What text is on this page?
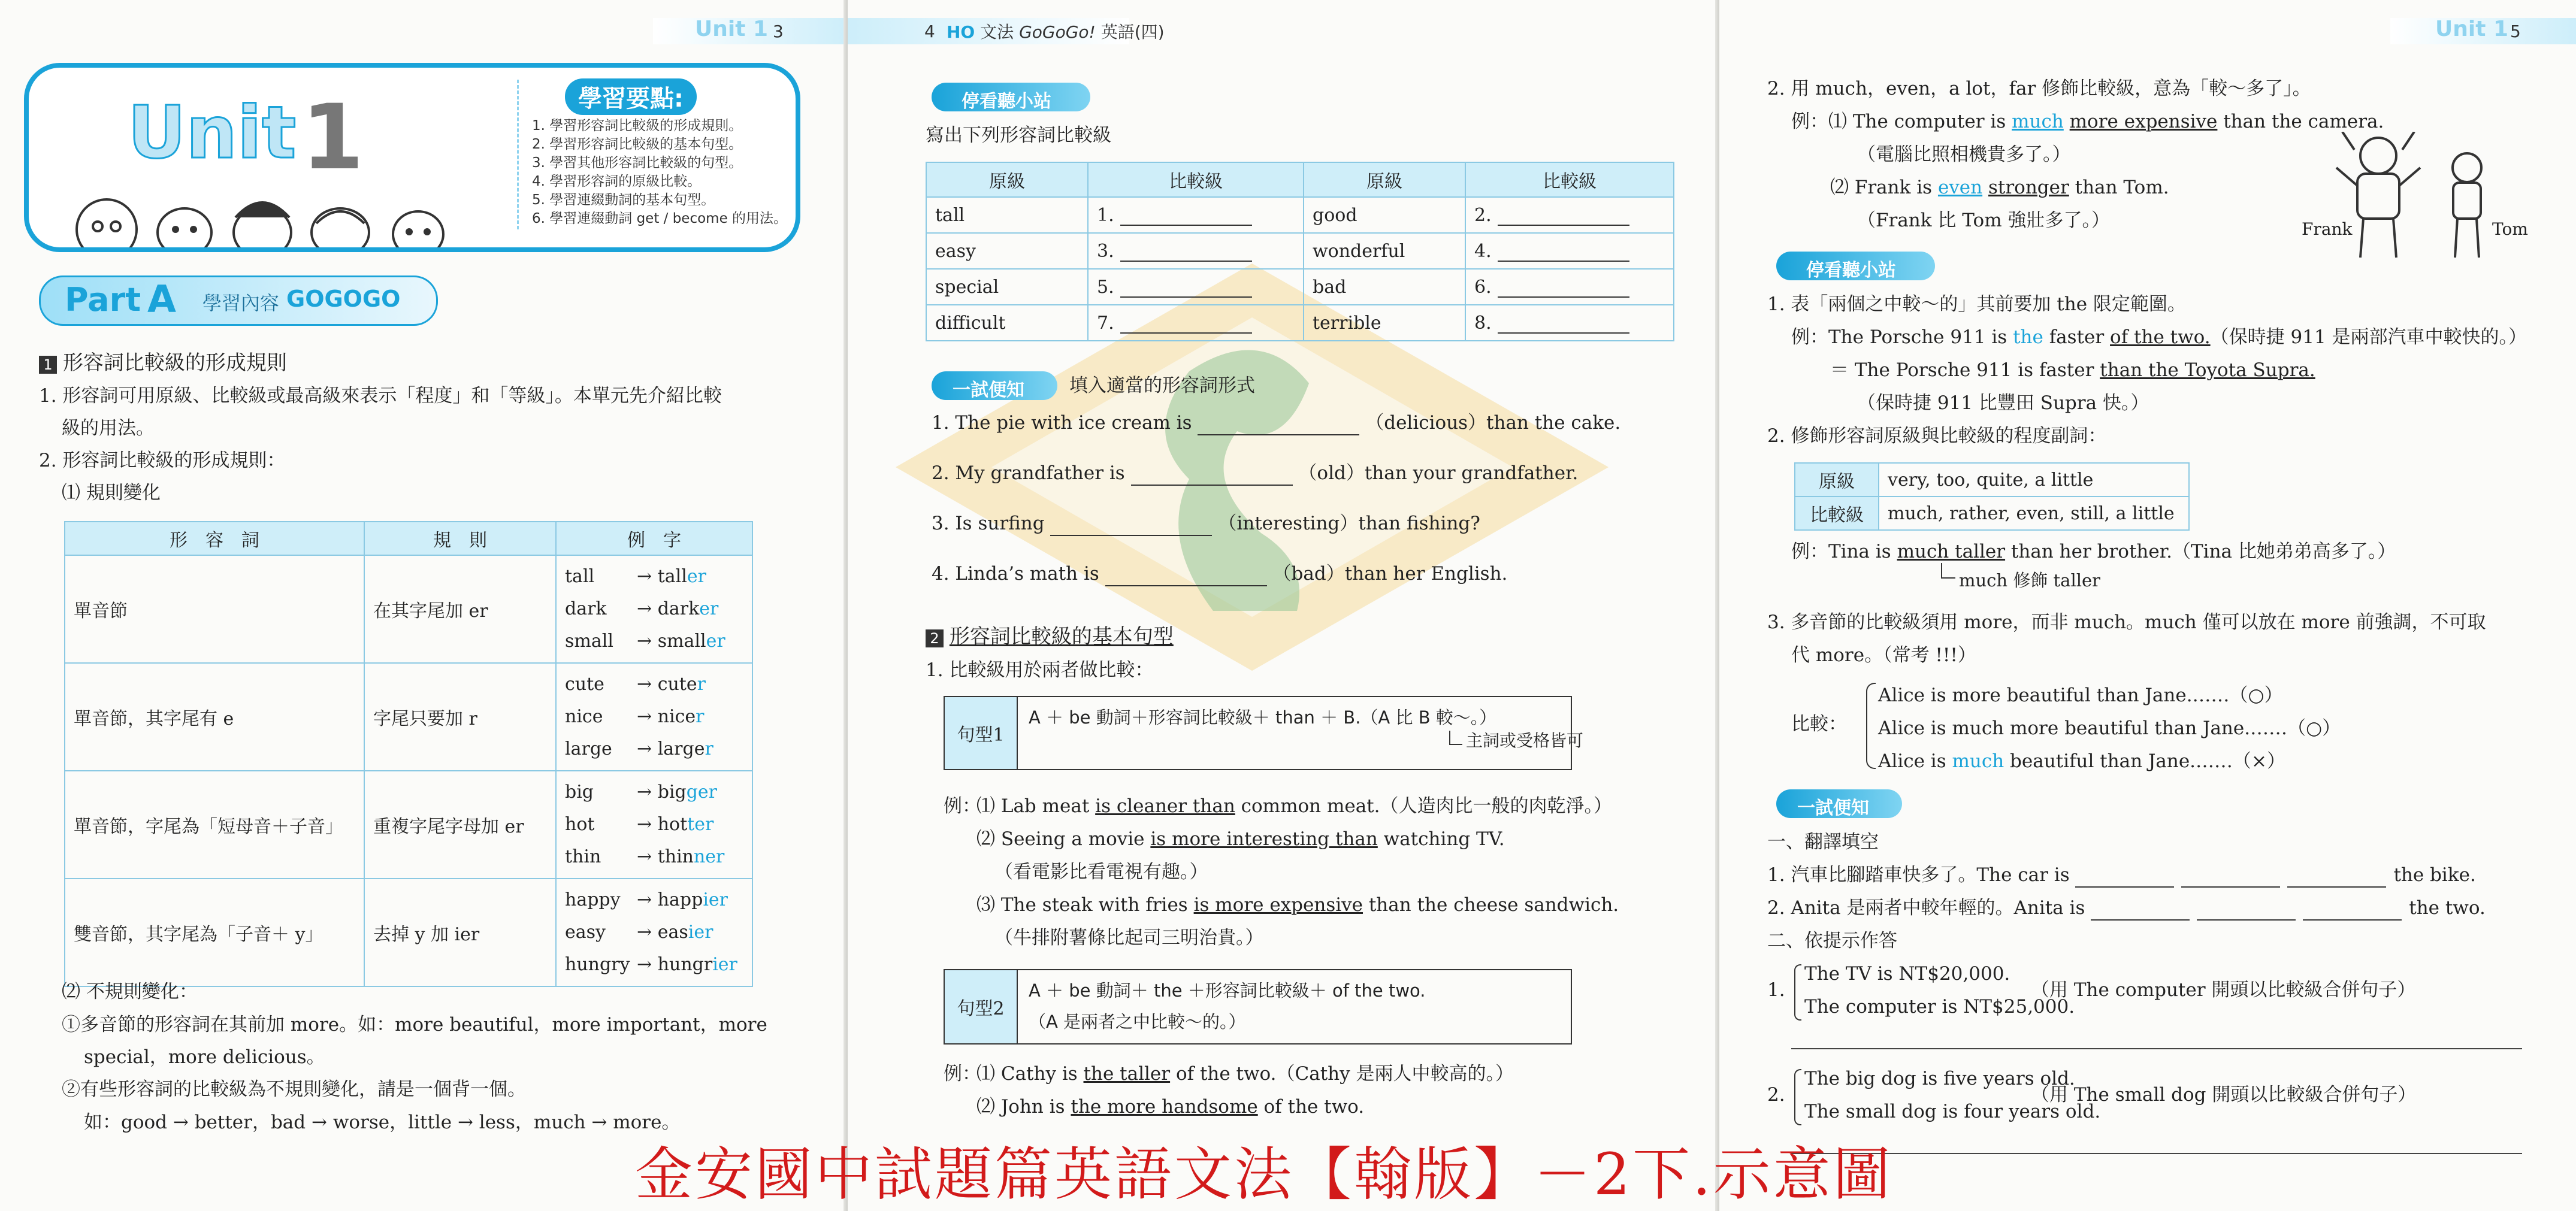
Unit 1 3
Unit 1	學習要點:
1. 學習形容詞比較級的形成規則。
2. 學習形容詞比較級的基本句型。
3. 學習其他形容詞比較級的句型。
4. 學習形容詞的原級比較。
5. 學習連綴動詞的基本句型。
6. 學習連綴動詞 get / become 的用法。
Part A 學習內容 GOGOGO
1 形容詞比較級的形成規則
1. 形容詞可用原級、比較級或最高級來表示「程度」和「等級」。本單元先介紹比較
級的用法。
2. 形容詞比較級的形成規則：
⑴ 規則變化
形　容　詞	規　則	例　字
單音節	在其字尾加 er	tall → taller
dark → darker
small → smaller

單音節，其字尾有 e	字尾只要加 r	cute → cuter
nice → nicer
large → larger

單音節，字尾為「短母音＋子音」	重複字尾字母加 er	big → bigger
hot → hotter
thin → thinner

雙音節，其字尾為「子音＋ y」	去掉 y 加 ier	happy → happier
easy → easier
hungry → hungrier
⑵ 不規則變化：
①多音節的形容詞在其前加 more。如：more beautiful，more important，more
special，more delicious。
②有些形容詞的比較級為不規則變化，請是一個背一個。
如：good → better，bad → worse，little → less，much → more。
4 HO 文法 GoGoGo! 英語(四)
停看聽小站
寫出下列形容詞比較級
原級	比較級	原級	比較級
tall	1.	good	2.
easy	3.	wonderful	4.
special	5.	bad	6.
difficult	7.	terrible	8.
一試便知 填入適當的形容詞形式
1. The pie with ice cream is	（delicious）than the cake.
2. My grandfather is	（old）than your grandfather.
3. Is surfing	（interesting）than fishing?
4. Linda’s math is	（bad）than her English.
2 形容詞比較級的基本句型
1. 比較級用於兩者做比較：
句型1
A ＋ be 動詞＋形容詞比較級＋ than ＋ B.（A 比 B 較～。）
主詞或受格皆可
例：
⑴ Lab meat is cleaner than common meat.（人造肉比一般的肉乾淨。）
⑵ Seeing a movie is more interesting than watching TV.
（看電影比看電視有趣。）
⑶ The steak with fries is more expensive than the cheese sandwich.
（牛排附薯條比起司三明治貴。）
句型2
A ＋ be 動詞＋ the ＋形容詞比較級＋ of the two.
（A 是兩者之中比較～的。）
例：
⑴ Cathy is the taller of the two.（Cathy 是兩人中較高的。）
⑵ John is the more handsome of the two.
Unit 1 5
2. 用 much，even，a lot，far 修飾比較級，意為「較～多了」。
例：⑴ The computer is much more expensive than the camera.
（電腦比照相機貴多了。）
⑵ Frank is even stronger than Tom.
（Frank 比 Tom 強壯多了。）	Frank	Tom
停看聽小站
1. 表「兩個之中較～的」其前要加 the 限定範圍。
例：The Porsche 911 is the faster of the two.（保時捷 911 是兩部汽車中較快的。）
＝ The Porsche 911 is faster than the Toyota Supra.
（保時捷 911 比豐田 Supra 快。）
2. 修飾形容詞原級與比較級的程度副詞：
原級	very, too, quite, a little
比較級	much, rather, even, still, a little
例：Tina is much taller than her brother.（Tina 比她弟弟高多了。）
much 修飾 taller
3. 多音節的比較級須用 more，而非 much。much 僅可以放在 more 前強調，不可取
代 more。（常考 !!!）
比較：
Alice is more beautiful than Jane.……（○）
Alice is much more beautiful than Jane.……（○）
Alice is much beautiful than Jane.……（×）
一試便知
一、翻譯填空
1. 汽車比腳踏車快多了。The car is	the bike.
2. Anita 是兩者中較年輕的。Anita is	the two.
二、依提示作答
1.
The TV is NT$20,000.
The computer is NT$25,000.
（用 The computer 開頭以比較級合併句子）
2.
The big dog is five years old.
The small dog is four years old.
（用 The small dog 開頭以比較級合併句子）
金安國中試題篇英語文法【翰版】－2下.示意圖
